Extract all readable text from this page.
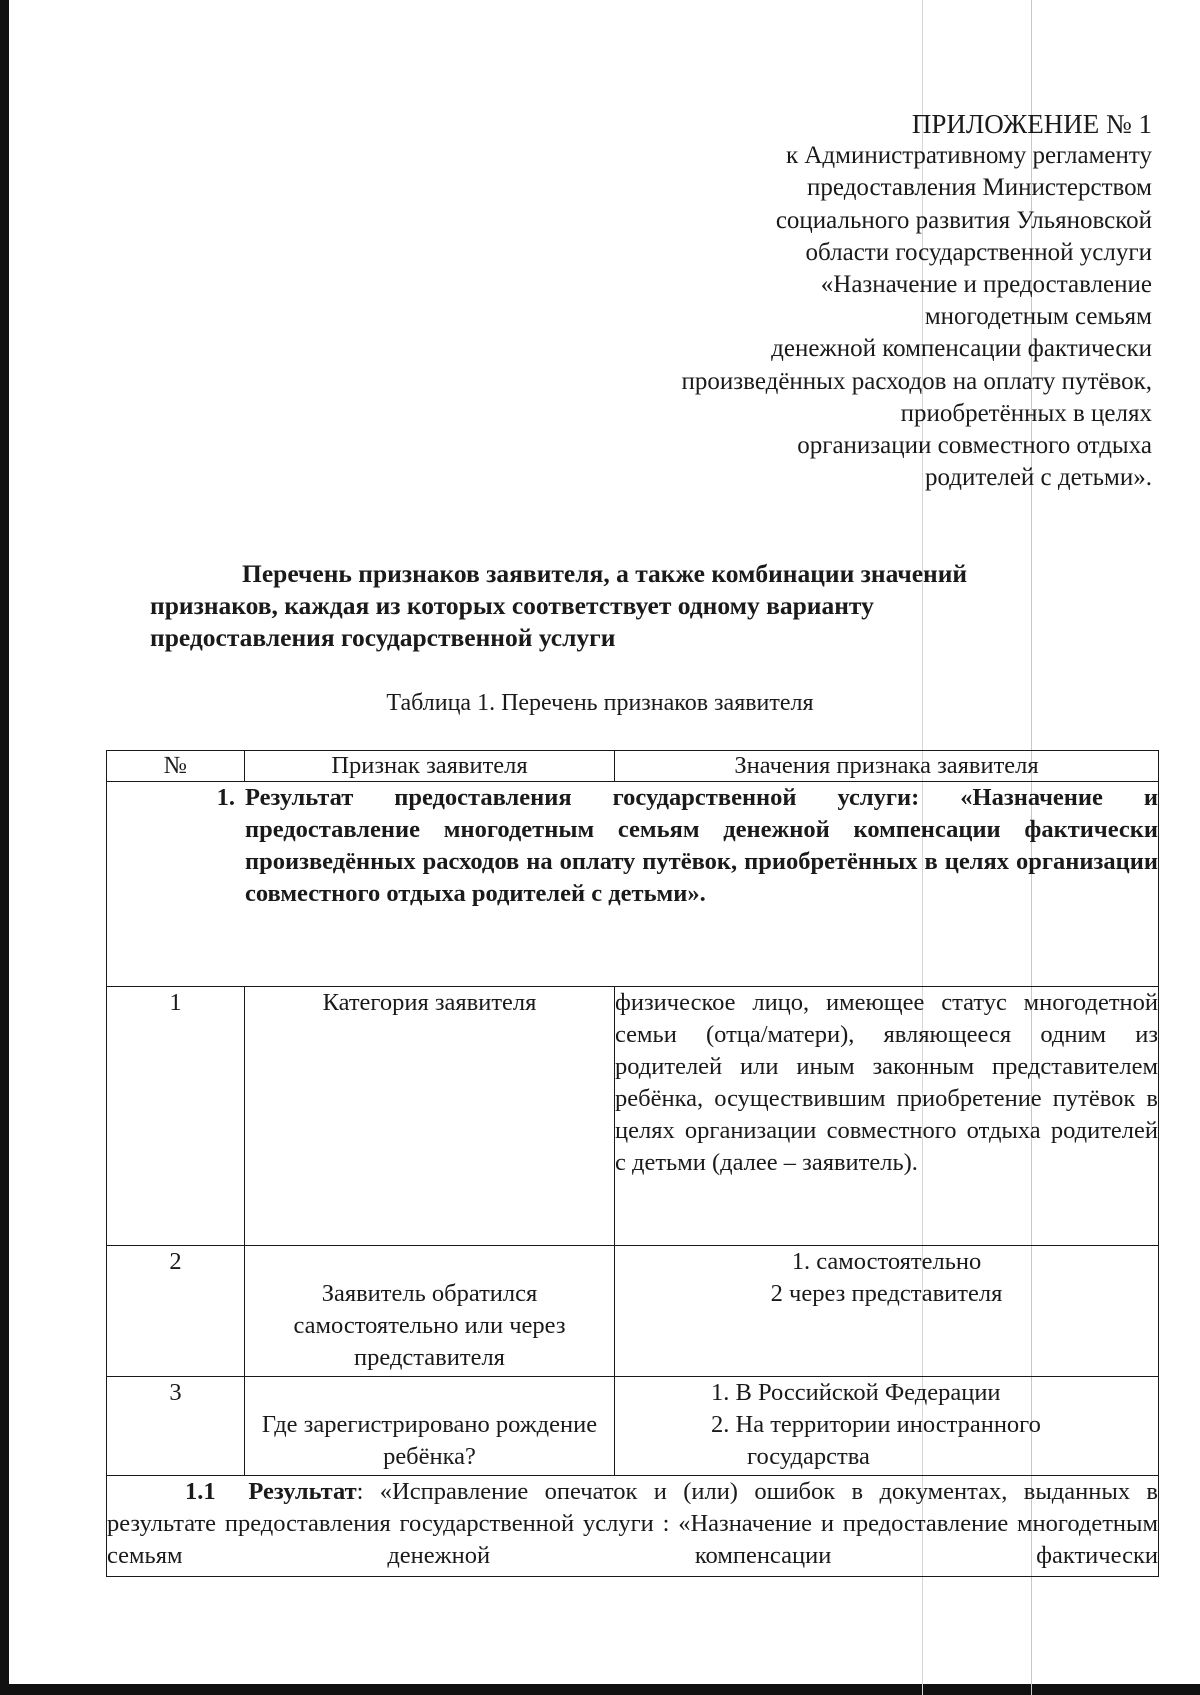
ПРИЛОЖЕНИЕ № 1
к Административному регламенту
предоставления Министерством
социального развития Ульяновской
области государственной услуги
«Назначение и предоставление
многодетным семьям
денежной компенсации фактически
произведённых расходов на оплату путёвок,
приобретённых в целях
организации совместного отдыха
родителей с детьми».
Перечень признаков заявителя, а также комбинации значений
признаков, каждая из которых соответствует одному варианту
предоставления государственной услуги
Таблица 1. Перечень признаков заявителя
№	Признак заявителя	Значения признака заявителя

1. Результат предоставления государственной услуги: «Назначение и предоставление многодетным семьям денежной компенсации фактически произведённых расходов на оплату путёвок, приобретённых в целях организации совместного отдыха родителей с детьми».		

1	Категория заявителя	физическое лицо, имеющее статус многодетной семьи (отца/матери), являющееся одним из родителей или иным законным представителем ребёнка, осуществившим приобретение путёвок в целях организации совместного отдыха родителей с детьми (далее – заявитель).
2	Заявитель обратился самостоятельно или через представителя	1. самостоятельно
2 через представителя

3	Где зарегистрировано рождение ребёнка?	1. В Российской Федерации
2. На территории иностранного
государства

1.1 Результат: «Исправление опечаток и (или) ошибок в документах, выданных в результате предоставления государственной услуги : «Назначение и предоставление многодетным семьям денежной компенсации фактически		
